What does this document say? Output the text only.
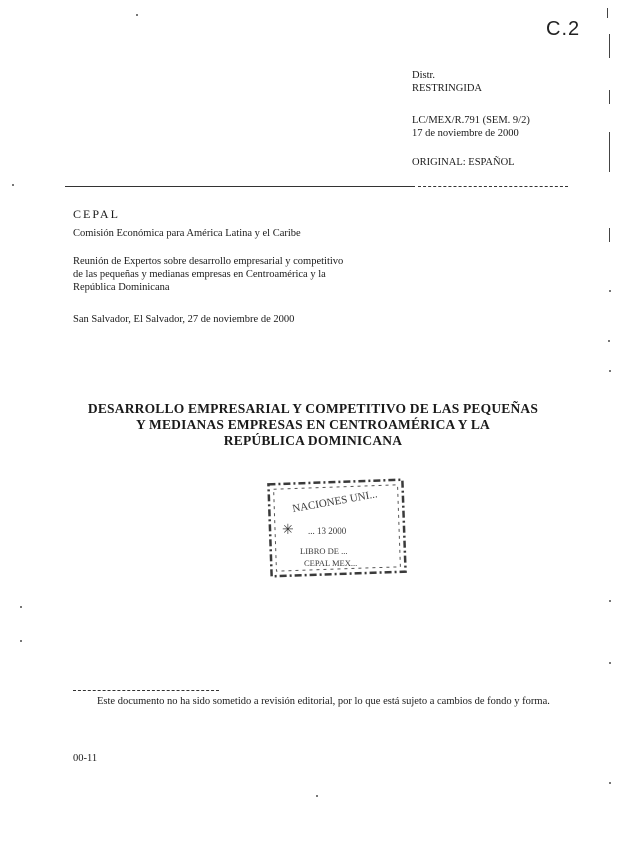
C.2
Distr.
RESTRINGIDA
LC/MEX/R.791 (SEM. 9/2)
17 de noviembre de 2000
ORIGINAL: ESPAÑOL
CEPAL
Comisión Económica para América Latina y el Caribe
Reunión de Expertos sobre desarrollo empresarial y competitivo
de las pequeñas y medianas empresas en Centroamérica y la
República Dominicana
San Salvador, El Salvador, 27 de noviembre de 2000
DESARROLLO EMPRESARIAL Y COMPETITIVO DE LAS PEQUEÑAS
Y MEDIANAS EMPRESAS EN CENTROAMÉRICA Y LA
REPÚBLICA DOMINICANA
NACIONES UNI...
✳ ... 13 2000
LIBRO DE ...
CEPAL MEX...
Este documento no ha sido sometido a revisión editorial, por lo que está sujeto a cambios de fondo y forma.
00-11
